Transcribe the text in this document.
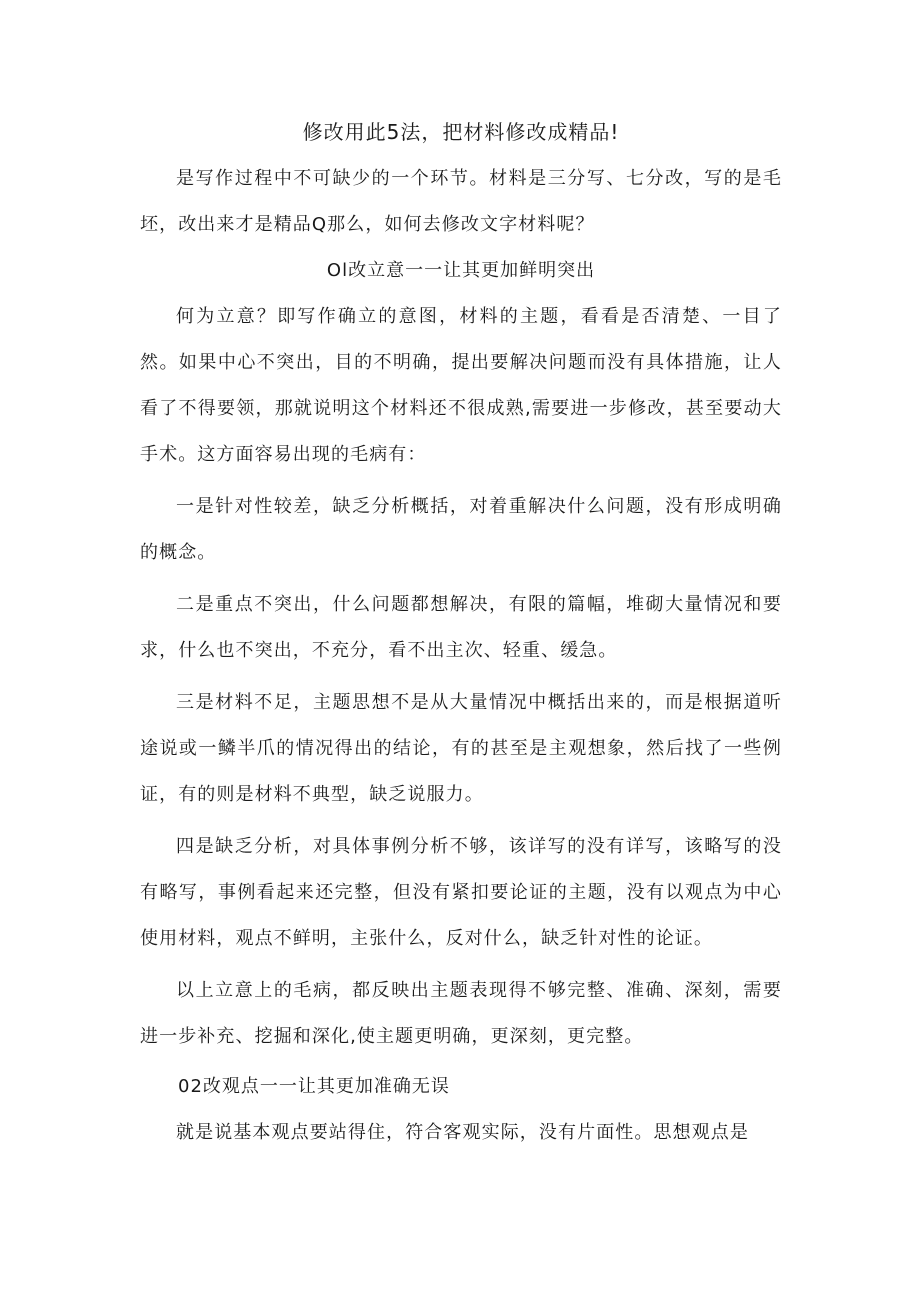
修改用此5法，把材料修改成精品!

是写作过程中不可缺少的一个环节。材料是三分写、七分改，写的是毛坯，改出来才是精品Q那么，如何去修改文字材料呢？

Ol改立意一一让其更加鲜明突出

何为立意？即写作确立的意图，材料的主题，看看是否清楚、一目了然。如果中心不突出，目的不明确，提出要解决问题而没有具体措施，让人看了不得要领，那就说明这个材料还不很成熟,需要进一步修改，甚至要动大手术。这方面容易出现的毛病有：

一是针对性较差，缺乏分析概括，对着重解决什么问题，没有形成明确的概念。

二是重点不突出，什么问题都想解决，有限的篇幅，堆砌大量情况和要求，什么也不突出，不充分，看不出主次、轻重、缓急。

三是材料不足，主题思想不是从大量情况中概括出来的，而是根据道听途说或一鳞半爪的情况得出的结论，有的甚至是主观想象，然后找了一些例证，有的则是材料不典型，缺乏说服力。

四是缺乏分析，对具体事例分析不够，该详写的没有详写，该略写的没有略写，事例看起来还完整，但没有紧扣要论证的主题，没有以观点为中心使用材料，观点不鲜明，主张什么，反对什么，缺乏针对性的论证。

以上立意上的毛病，都反映出主题表现得不够完整、准确、深刻，需要进一步补充、挖掘和深化,使主题更明确，更深刻，更完整。

02改观点一一让其更加准确无误

就是说基本观点要站得住，符合客观实际，没有片面性。思想观点是
